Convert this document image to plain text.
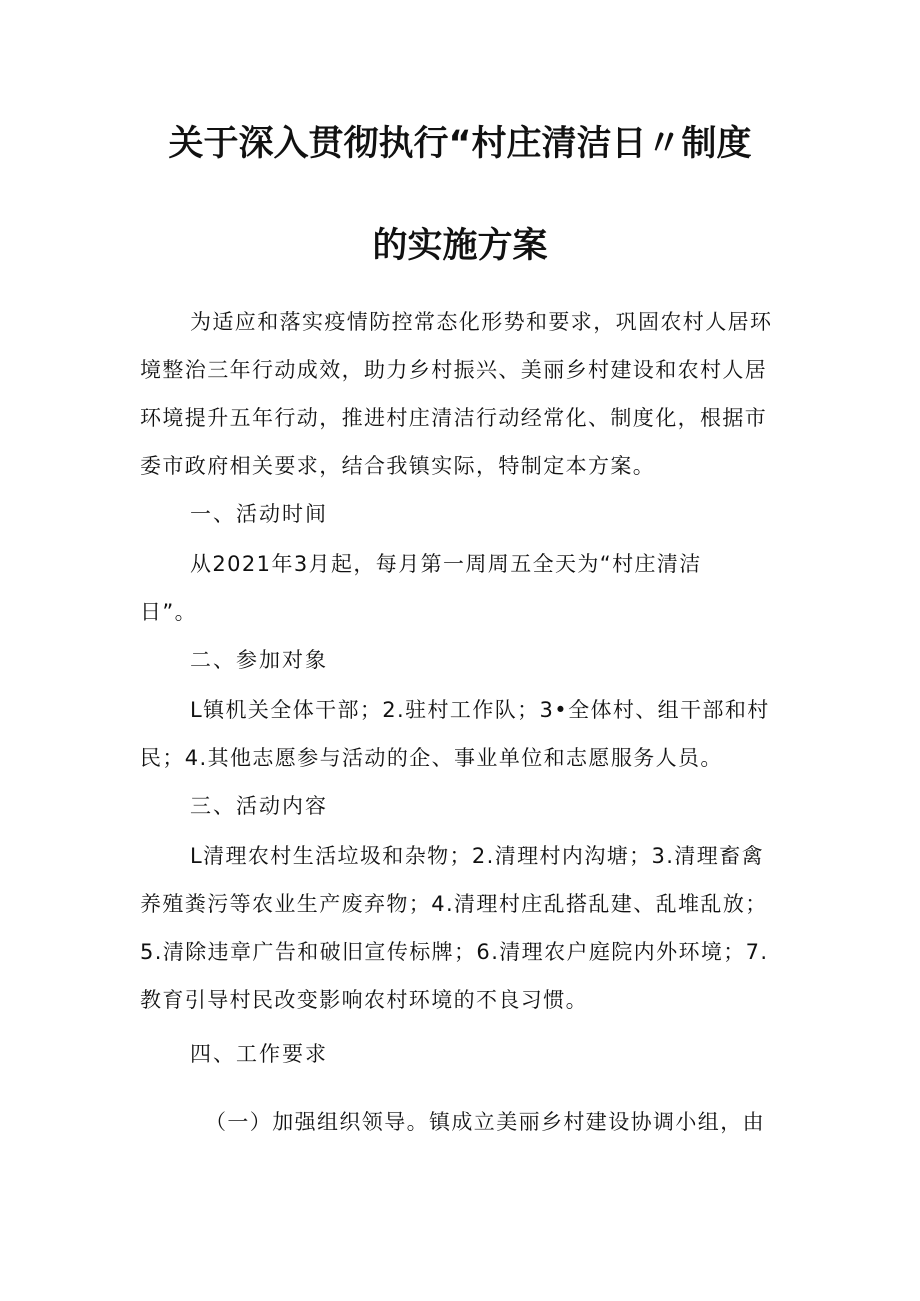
关于深入贯彻执行“村庄清洁日〃制度
的实施方案
为适应和落实疫情防控常态化形势和要求，巩固农村人居环
境整治三年行动成效，助力乡村振兴、美丽乡村建设和农村人居
环境提升五年行动，推进村庄清洁行动经常化、制度化，根据市
委市政府相关要求，结合我镇实际，特制定本方案。
一、活动时间
从2021年3月起，每月第一周周五全天为“村庄清洁
日”。
二、参加对象
L镇机关全体干部；2.驻村工作队；3•全体村、组干部和村
民；4.其他志愿参与活动的企、事业单位和志愿服务人员。
三、活动内容
L清理农村生活垃圾和杂物；2.清理村内沟塘；3.清理畜禽
养殖粪污等农业生产废弃物；4.清理村庄乱搭乱建、乱堆乱放；
5.清除违章广告和破旧宣传标牌；6.清理农户庭院内外环境；7.
教育引导村民改变影响农村环境的不良习惯。
四、工作要求
（一）加强组织领导。镇成立美丽乡村建设协调小组，由
